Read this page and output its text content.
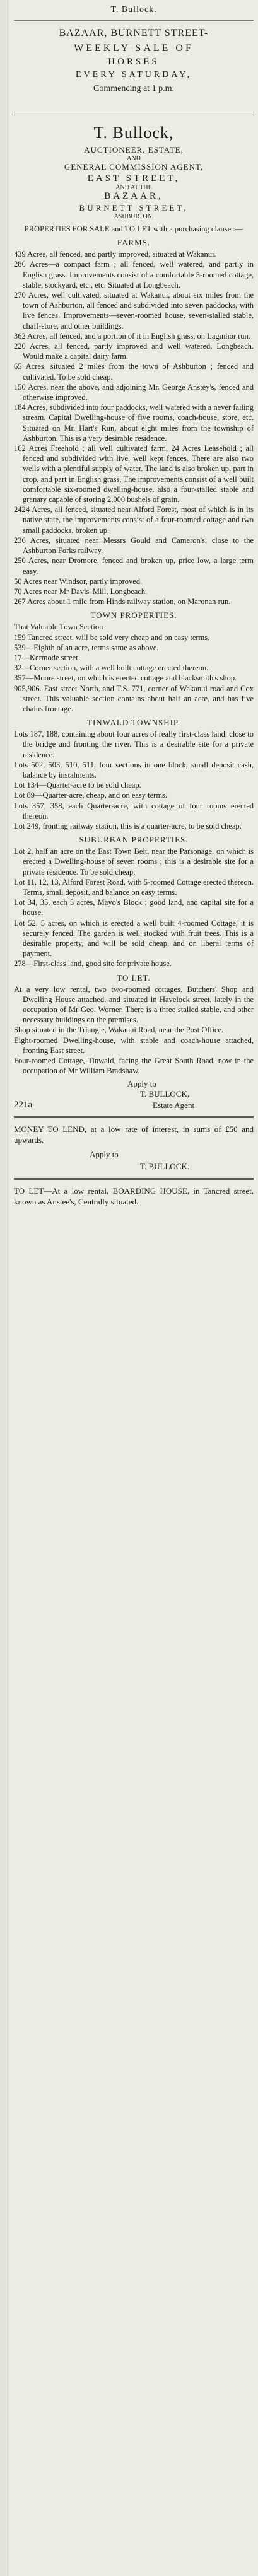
T. Bullock.
BAZAAR, BURNETT STREET-
WEEKLY SALE OF
HORSES
EVERY SATURDAY,
Commencing at 1 p.m.
T. Bullock,
AUCTIONEER, ESTATE,
AND
GENERAL COMMISSION AGENT,
EAST STREET,
AND AT THE
BAZAAR,
BURNETT STREET,
ASHBURTON.

PROPERTIES FOR SALE and TO LET with a purchasing clause :—

FARMS.

439 Acres, all fenced, and partly improved, situated at Wakanui.

286 Acres—a compact farm ; all fenced, well watered, and partly in English grass. Improvements consist of a comfortable 5-roomed cottage, stable, stockyard, etc., etc. Situated at Longbeach.

270 Acres, well cultivated, situated at Wakanui, about six miles from the town of Ashburton, all fenced and subdivided into seven paddocks, with live fences. Improvements—seven-roomed house, seven-stalled stable, chaff-store, and other buildings.

362 Acres, all fenced, and a portion of it in English grass, on Lagmhor run.

220 Acres, all fenced, partly improved and well watered, Longbeach. Would make a capital dairy farm.

65 Acres, situated 2 miles from the town of Ashburton ; fenced and cultivated. To be sold cheap.

150 Acres, near the above, and adjoining Mr. George Anstey's, fenced and otherwise improved.

184 Acres, subdivided into four paddocks, well watered with a never failing stream. Capital Dwelling-house of five rooms, coach-house, store, etc. Situated on Mr. Hart's Run, about eight miles from the township of Ashburton. This is a very desirable residence.

162 Acres Freehold ; all well cultivated farm, 24 Acres Leasehold ; all fenced and subdivided with live, well kept fences. There are also two wells with a plentiful supply of water. The land is also broken up, part in crop, and part in English grass. The improvements consist of a well built comfortable six-roomed dwelling-house, also a four-stalled stable and granary capable of storing 2,000 bushels of grain.

2424 Acres, all fenced, situated near Alford Forest, most of which is in its native state, the improvements consist of a four-roomed cottage and two small paddocks, broken up.

236 Acres, situated near Messrs Gould and Cameron's, close to the Ashburton Forks railway.

250 Acres, near Dromore, fenced and broken up, price low, a large term easy.

50 Acres near Windsor, partly improved.

70 Acres near Mr Davis' Mill, Longbeach.

267 Acres about 1 mile from Hinds railway station, on Maronan run.

TOWN PROPERTIES.

That Valuable Town Section

159 Tancred street, will be sold very cheap and on easy terms.

539—Eighth of an acre, terms same as above.

17—Kermode street.

32—Corner section, with a well built cottage erected thereon.

357—Moore street, on which is erected cottage and blacksmith's shop.

905,906. East street North, and T.S. 771, corner of Wakanui road and Cox street. This valuable section contains about half an acre, and has five chains frontage.

TINWALD TOWNSHIP.

Lots 187, 188, containing about four acres of really first-class land, close to the bridge and fronting the river. This is a desirable site for a private residence.

Lots 502, 503, 510, 511, four sections in one block, small deposit cash, balance by instalments.

Lot 134—Quarter-acre to be sold cheap.

Lot 89—Quarter-acre, cheap, and on easy terms.

Lots 357, 358, each Quarter-acre, with cottage of four rooms erected thereon.

Lot 249, fronting railway station, this is a quarter-acre, to be sold cheap.

SUBURBAN PROPERTIES.

Lot 2, half an acre on the East Town Belt, near the Parsonage, on which is erected a Dwelling-house of seven rooms ; this is a desirable site for a private residence. To be sold cheap.

Lot 11, 12, 13, Alford Forest Road, with 5-roomed Cottage erected thereon. Terms, small deposit, and balance on easy terms.

Lot 34, 35, each 5 acres, Mayo's Block ; good land, and capital site for a house.

Lot 52, 5 acres, on which is erected a well built 4-roomed Cottage, it is securely fenced. The garden is well stocked with fruit trees. This is a desirable property, and will be sold cheap, and on liberal terms of payment.

278—First-class land, good site for private house.

TO LET.

At a very low rental, two two-roomed cottages. Butchers' Shop and Dwelling House attached, and situated in Havelock street, lately in the occupation of Mr Geo. Worner. There is a three stalled stable, and other necessary buildings on the premises.

Shop situated in the Triangle, Wakanui Road, near the Post Office.

Eight-roomed Dwelling-house, with stable and coach-house attached, fronting East street.

Four-roomed Cottage, Tinwald, facing the Great South Road, now in the occupation of Mr William Bradshaw.

Apply to
T. BULLOCK,
221a	Estate Agent

MONEY TO LEND, at a low rate of interest, in sums of £50 and upwards.

Apply to
T. BULLOCK.

TO LET—At a low rental, BOARDING HOUSE, in Tancred street, known as Anstee's, Centrally situated.
